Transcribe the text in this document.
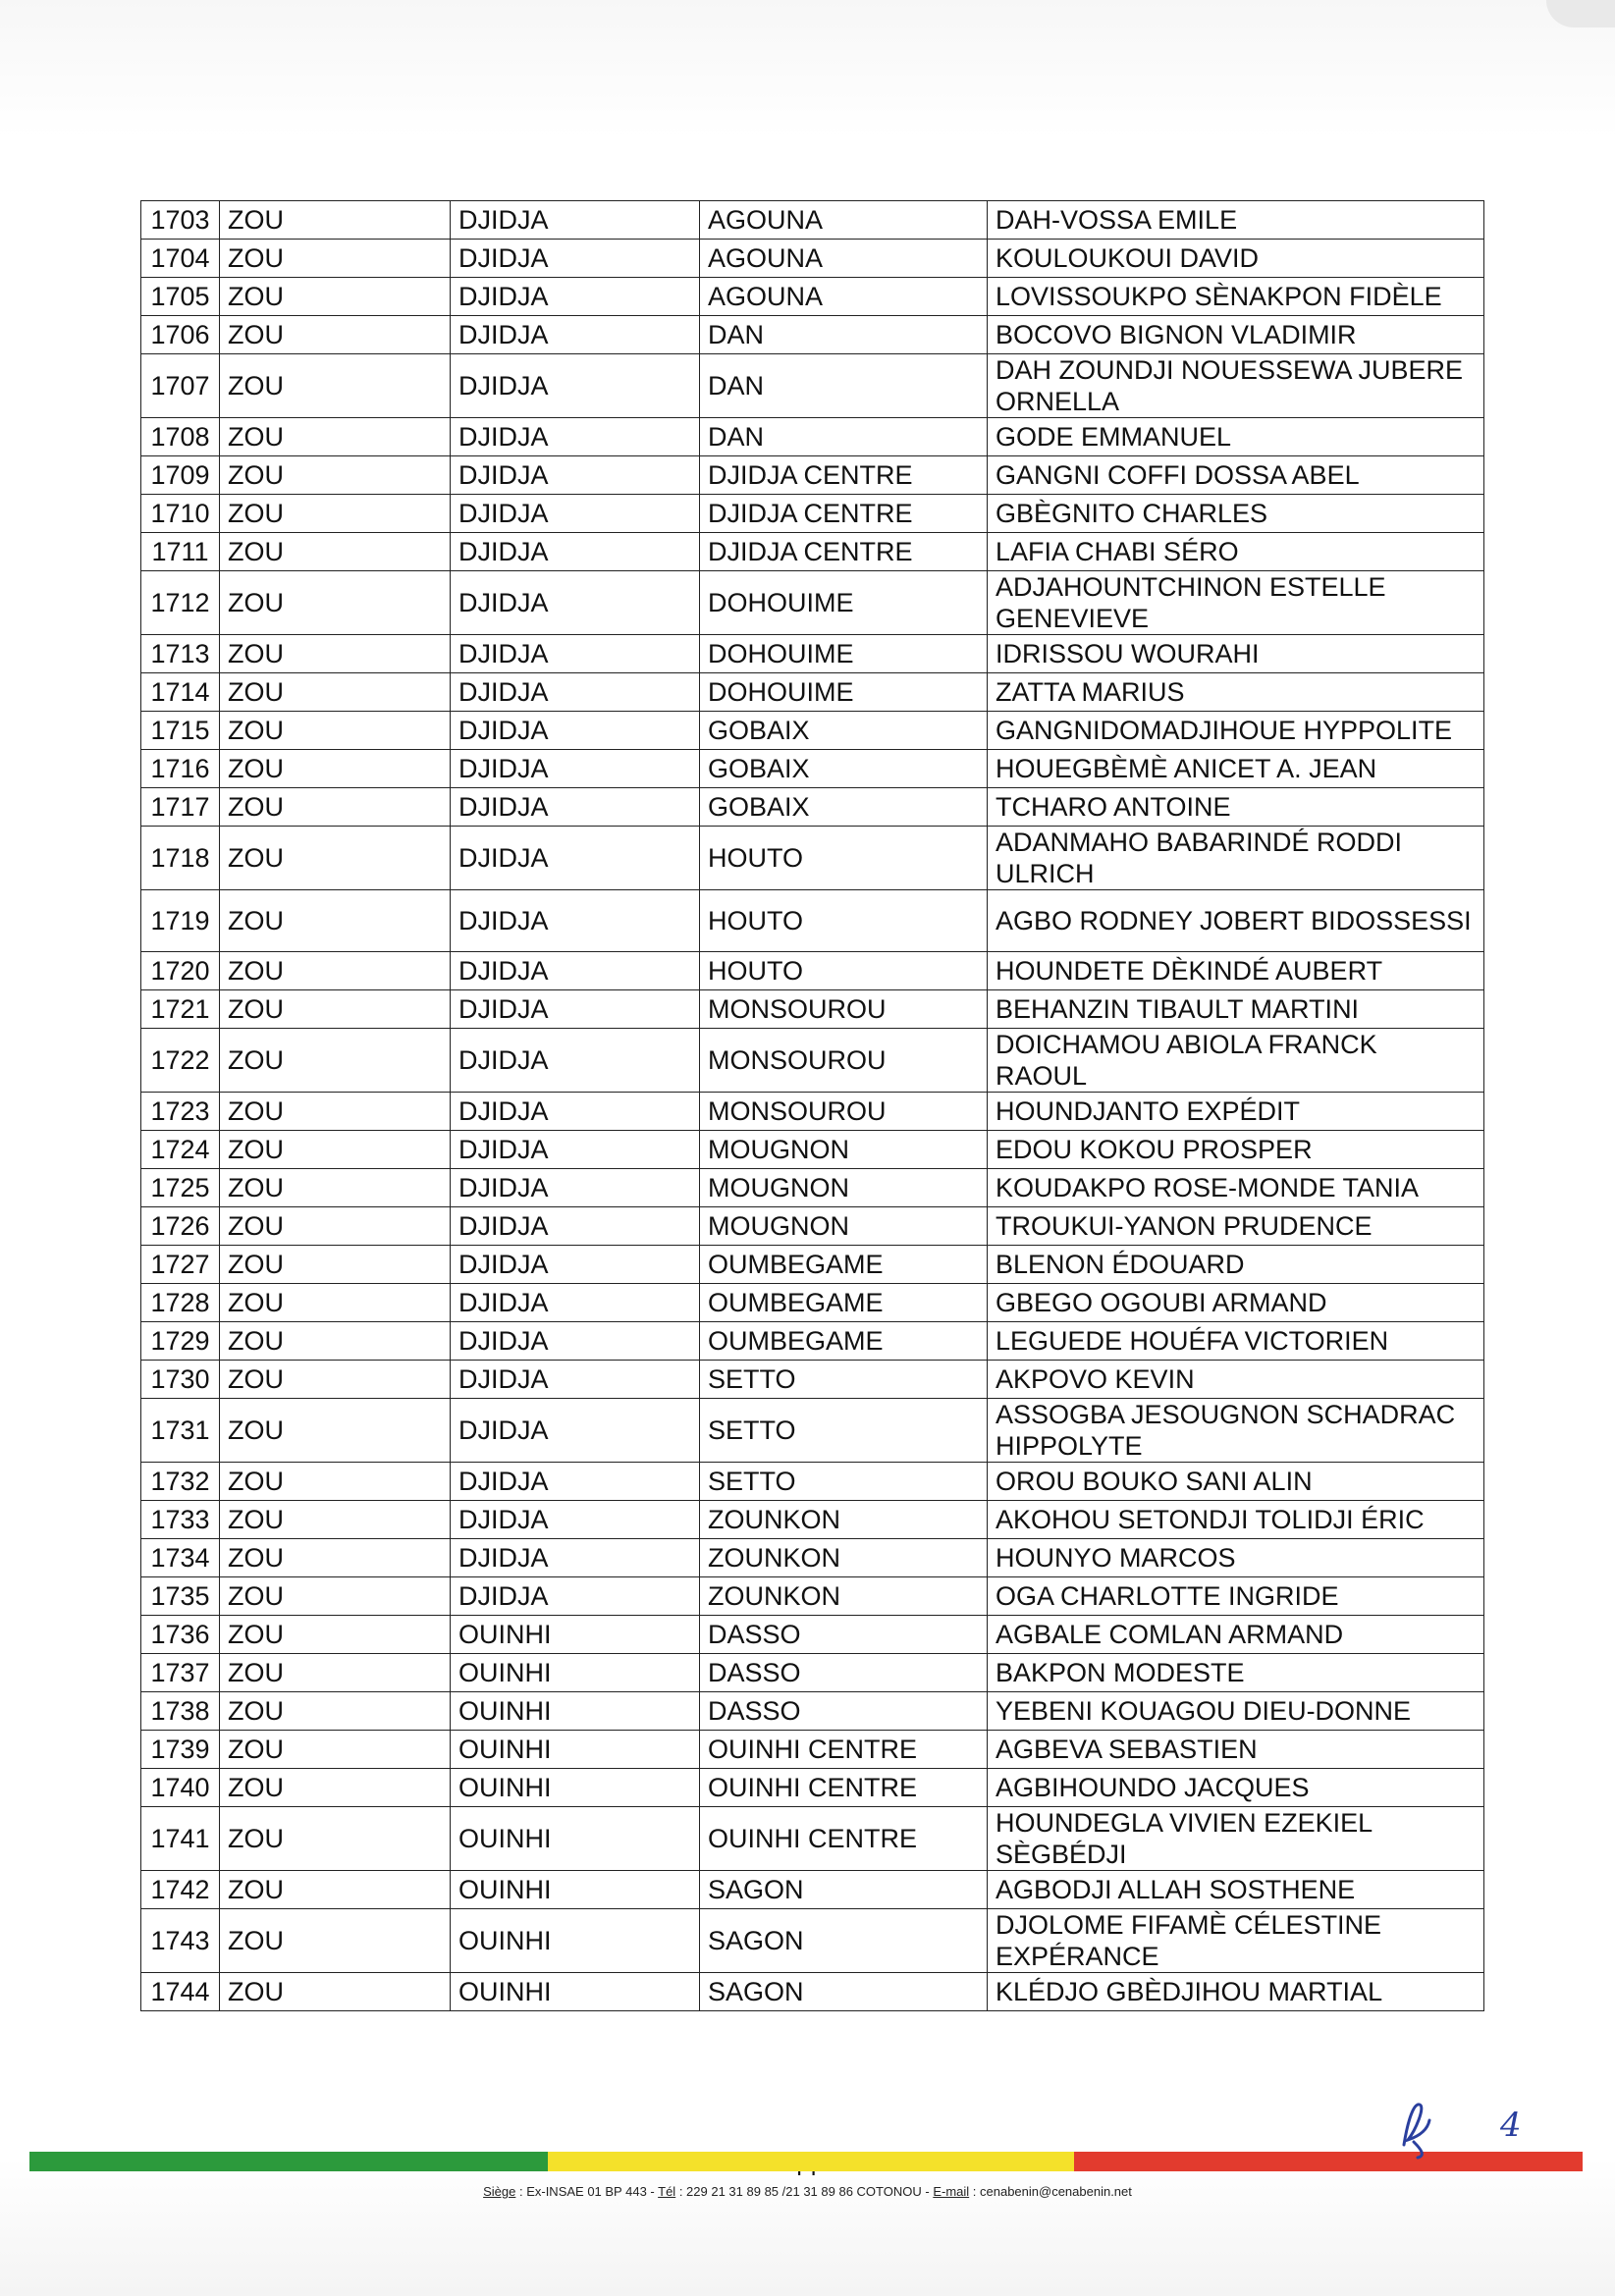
1703	ZOU	DJIDJA	AGOUNA	DAH-VOSSA EMILE
1704	ZOU	DJIDJA	AGOUNA	KOULOUKOUI DAVID
1705	ZOU	DJIDJA	AGOUNA	LOVISSOUKPO SÈNAKPON FIDÈLE
1706	ZOU	DJIDJA	DAN	BOCOVO BIGNON VLADIMIR
1707	ZOU	DJIDJA	DAN	DAH ZOUNDJI NOUESSEWA JUBERE ORNELLA
1708	ZOU	DJIDJA	DAN	GODE EMMANUEL
1709	ZOU	DJIDJA	DJIDJA CENTRE	GANGNI COFFI DOSSA ABEL
1710	ZOU	DJIDJA	DJIDJA CENTRE	GBÈGNITO CHARLES
1711	ZOU	DJIDJA	DJIDJA CENTRE	LAFIA CHABI SÉRO
1712	ZOU	DJIDJA	DOHOUIME	ADJAHOUNTCHINON ESTELLE GENEVIEVE
1713	ZOU	DJIDJA	DOHOUIME	IDRISSOU WOURAHI
1714	ZOU	DJIDJA	DOHOUIME	ZATTA MARIUS
1715	ZOU	DJIDJA	GOBAIX	GANGNIDOMADJIHOUE HYPPOLITE
1716	ZOU	DJIDJA	GOBAIX	HOUEGBÈMÈ ANICET A. JEAN
1717	ZOU	DJIDJA	GOBAIX	TCHARO ANTOINE
1718	ZOU	DJIDJA	HOUTO	ADANMAHO BABARINDÉ RODDI ULRICH
1719	ZOU	DJIDJA	HOUTO	AGBO RODNEY JOBERT BIDOSSESSI
1720	ZOU	DJIDJA	HOUTO	HOUNDETE DÈKINDÉ AUBERT
1721	ZOU	DJIDJA	MONSOUROU	BEHANZIN TIBAULT MARTINI
1722	ZOU	DJIDJA	MONSOUROU	DOICHAMOU ABIOLA FRANCK RAOUL
1723	ZOU	DJIDJA	MONSOUROU	HOUNDJANTO EXPÉDIT
1724	ZOU	DJIDJA	MOUGNON	EDOU KOKOU PROSPER
1725	ZOU	DJIDJA	MOUGNON	KOUDAKPO ROSE-MONDE TANIA
1726	ZOU	DJIDJA	MOUGNON	TROUKUI-YANON PRUDENCE
1727	ZOU	DJIDJA	OUMBEGAME	BLENON ÉDOUARD
1728	ZOU	DJIDJA	OUMBEGAME	GBEGO OGOUBI ARMAND
1729	ZOU	DJIDJA	OUMBEGAME	LEGUEDE HOUÉFA VICTORIEN
1730	ZOU	DJIDJA	SETTO	AKPOVO KEVIN
1731	ZOU	DJIDJA	SETTO	ASSOGBA JESOUGNON SCHADRAC HIPPOLYTE
1732	ZOU	DJIDJA	SETTO	OROU BOUKO SANI ALIN
1733	ZOU	DJIDJA	ZOUNKON	AKOHOU SETONDJI TOLIDJI ÉRIC
1734	ZOU	DJIDJA	ZOUNKON	HOUNYO MARCOS
1735	ZOU	DJIDJA	ZOUNKON	OGA CHARLOTTE INGRIDE
1736	ZOU	OUINHI	DASSO	AGBALE COMLAN ARMAND
1737	ZOU	OUINHI	DASSO	BAKPON MODESTE
1738	ZOU	OUINHI	DASSO	YEBENI KOUAGOU DIEU-DONNE
1739	ZOU	OUINHI	OUINHI CENTRE	AGBEVA SEBASTIEN
1740	ZOU	OUINHI	OUINHI CENTRE	AGBIHOUNDO JACQUES
1741	ZOU	OUINHI	OUINHI CENTRE	HOUNDEGLA VIVIEN EZEKIEL SÈGBÉDJI
1742	ZOU	OUINHI	SAGON	AGBODJI ALLAH SOSTHENE
1743	ZOU	OUINHI	SAGON	DJOLOME FIFAMÈ CÉLESTINE EXPÉRANCE
1744	ZOU	OUINHI	SAGON	KLÉDJO GBÈDJIHOU MARTIAL
Siège : Ex-INSAE 01 BP 443 - Tél : 229 21 31 89 85 /21 31 89 86 COTONOU - E-mail : cenabenin@cenabenin.net
4
